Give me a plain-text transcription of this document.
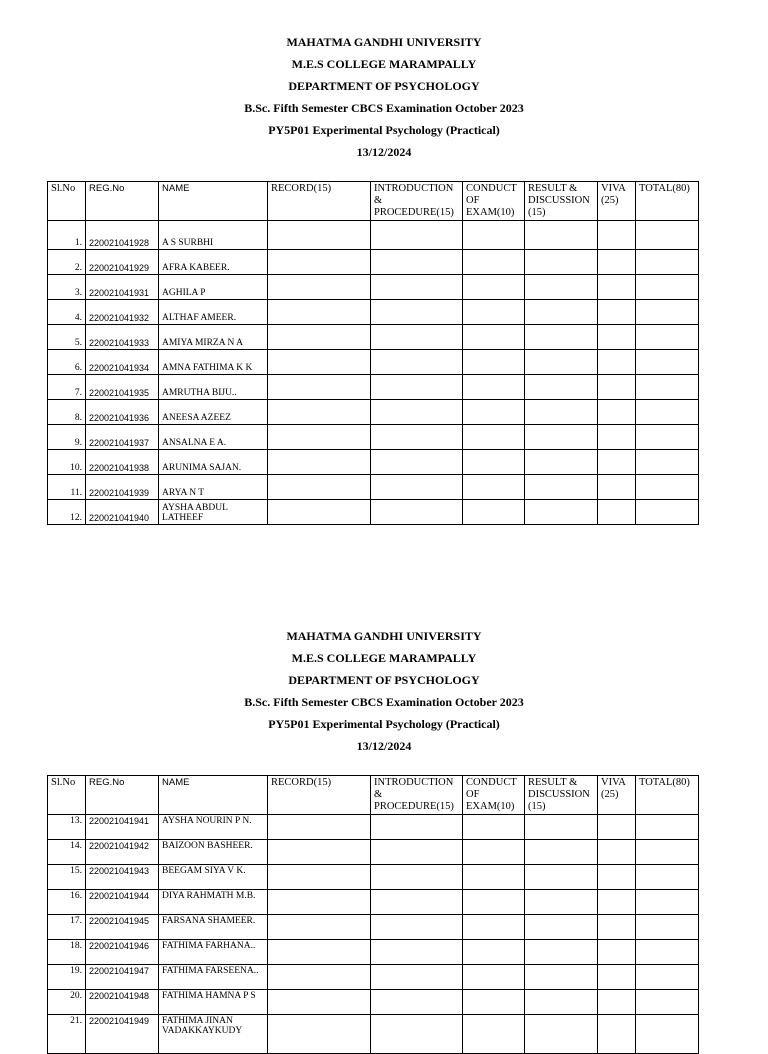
MAHATMA GANDHI UNIVERSITY
M.E.S COLLEGE MARAMPALLY
DEPARTMENT OF PSYCHOLOGY
B.Sc. Fifth Semester CBCS Examination October 2023
PY5P01 Experimental Psychology (Practical)
13/12/2024
Sl.No	REG.No	NAME	RECORD(15)	INTRODUCTION & PROCEDURE(15)	CONDUCT OF EXAM(10)	RESULT & DISCUSSION (15)	VIVA (25)	TOTAL(80)
1.	220021041928	A S SURBHI						
2.	220021041929	AFRA KABEER.						
3.	220021041931	AGHILA P						
4.	220021041932	ALTHAF AMEER.						
5.	220021041933	AMIYA MIRZA N A						
6.	220021041934	AMNA FATHIMA K K						
7.	220021041935	AMRUTHA BIJU..						
8.	220021041936	ANEESA AZEEZ						
9.	220021041937	ANSALNA E A.						
10.	220021041938	ARUNIMA SAJAN.						
11.	220021041939	ARYA N T						
12.	220021041940	AYSHA ABDUL LATHEEF						
MAHATMA GANDHI UNIVERSITY
M.E.S COLLEGE MARAMPALLY
DEPARTMENT OF PSYCHOLOGY
B.Sc. Fifth Semester CBCS Examination October 2023
PY5P01 Experimental Psychology (Practical)
13/12/2024
Sl.No	REG.No	NAME	RECORD(15)	INTRODUCTION & PROCEDURE(15)	CONDUCT OF EXAM(10)	RESULT & DISCUSSION (15)	VIVA (25)	TOTAL(80)
13.	220021041941	AYSHA NOURIN P N.						
14.	220021041942	BAIZOON BASHEER.						
15.	220021041943	BEEGAM SIYA V K.						
16.	220021041944	DIYA RAHMATH M.B.						
17.	220021041945	FARSANA SHAMEER.						
18.	220021041946	FATHIMA FARHANA..						
19.	220021041947	FATHIMA FARSEENA..						
20.	220021041948	FATHIMA HAMNA P S						
21.	220021041949	FATHIMA JINAN VADAKKAYKUDY						
